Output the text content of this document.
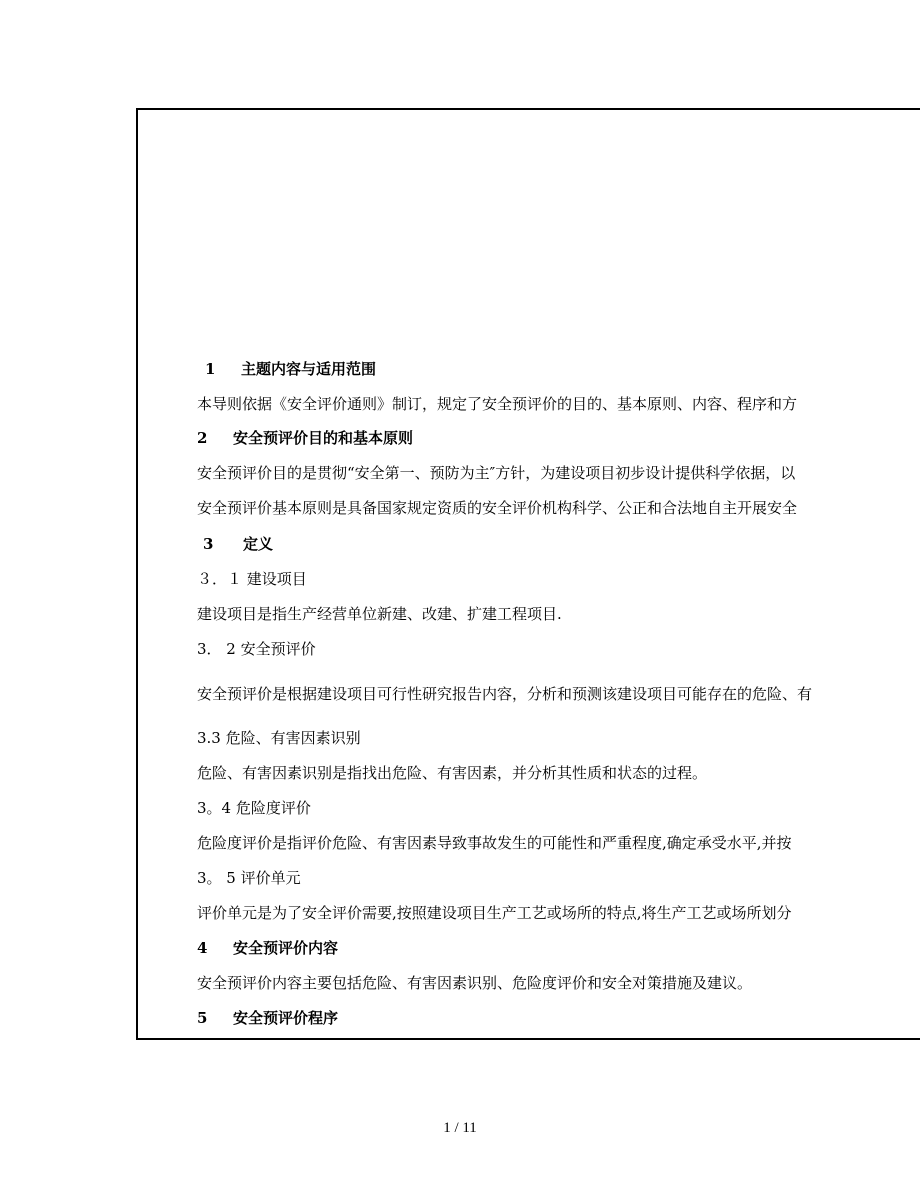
1 主题内容与适用范围
本导则依据《安全评价通则》制订，规定了安全预评价的目的、基本原则、内容、程序和方
2 安全预评价目的和基本原则
安全预评价目的是贯彻“安全第一、预防为主″方针，为建设项目初步设计提供科学依据，以
安全预评价基本原则是具备国家规定资质的安全评价机构科学、公正和合法地自主开展安全
3 定义
３．１ 建设项目
建设项目是指生产经营单位新建、改建、扩建工程项目.
3． 2 安全预评价
安全预评价是根据建设项目可行性研究报告内容，分析和预测该建设项目可能存在的危险、有
3.3 危险、有害因素识别
危险、有害因素识别是指找出危险、有害因素，并分析其性质和状态的过程。
3。4 危险度评价
危险度评价是指评价危险、有害因素导致事故发生的可能性和严重程度,确定承受水平,并按
3。 5 评价单元
评价单元是为了安全评价需要,按照建设项目生产工艺或场所的特点,将生产工艺或场所划分
4 安全预评价内容
安全预评价内容主要包括危险、有害因素识别、危险度评价和安全对策措施及建议。
5 安全预评价程序
1 / 11
